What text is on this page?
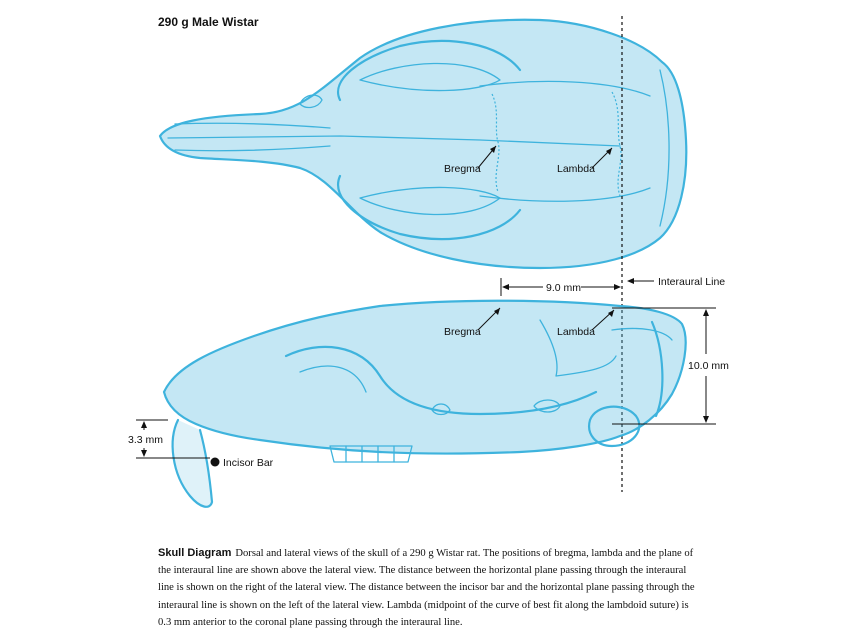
290 g Male Wistar
Bregma	Lambda
Interaural Line
9.0 mm
Bregma	Lambda
10.0 mm
3.3 mm
Incisor Bar
Skull Diagram Dorsal and lateral views of the skull of a 290 g Wistar rat. The positions of bregma, lambda and the plane of the interaural line are shown above the lateral view. The distance between the horizontal plane passing through the interaural line is shown on the right of the lateral view. The distance between the incisor bar and the horizontal plane passing through the interaural line is shown on the left of the lateral view. Lambda (midpoint of the curve of best fit along the lambdoid suture) is 0.3 mm anterior to the coronal plane passing through the interaural line.
